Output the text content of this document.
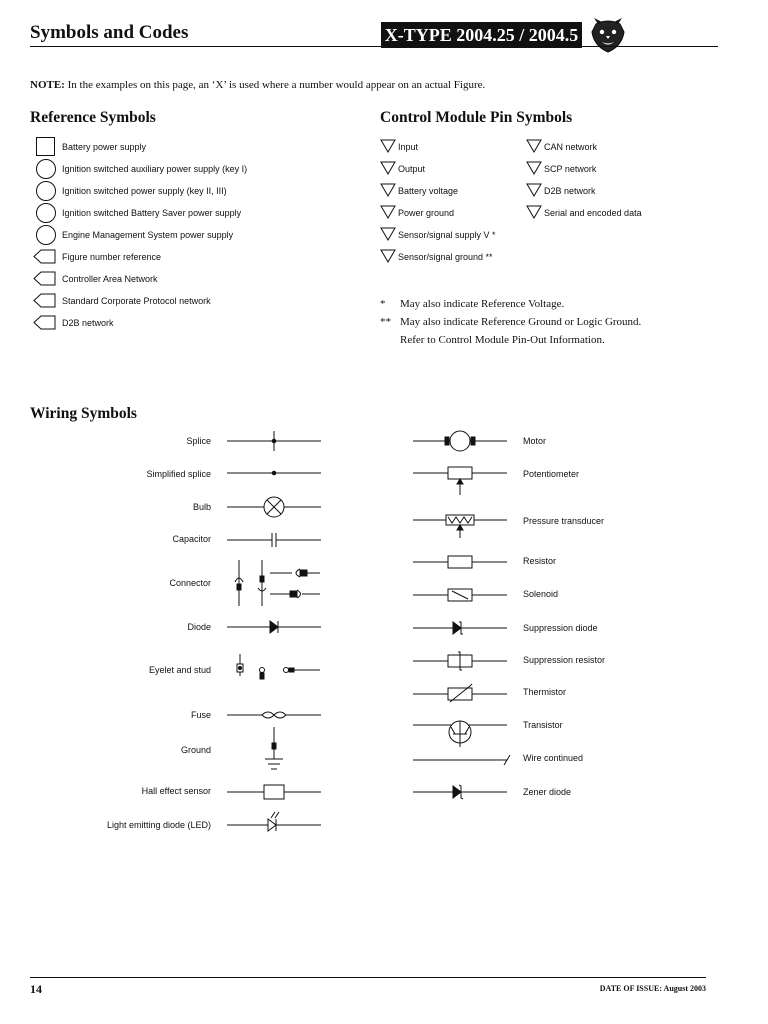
Symbols and Codes	X-TYPE 2004.25 / 2004.5
NOTE: In the examples on this page, an ‘X’ is used where a number would appear on an actual Figure.
Reference Symbols
Battery power supply
Ignition switched auxiliary power supply (key I)
Ignition switched power supply (key II, III)
Ignition switched Battery Saver power supply
Engine Management System power supply
Figure number reference
Controller Area Network
Standard Corporate Protocol network
D2B network
Control Module Pin Symbols
Input
Output
Battery voltage
Power ground
Sensor/signal supply V *
Sensor/signal ground **
CAN network
SCP network
D2B network
Serial and encoded data
* May also indicate Reference Voltage.
** May also indicate Reference Ground or Logic Ground.
Refer to Control Module Pin-Out Information.
Wiring Symbols
Splice
Simplified splice
Bulb
Capacitor
Connector
Diode
Eyelet and stud
Fuse
Ground
Hall effect sensor
Light emitting diode (LED)
Motor
Potentiometer
Pressure transducer
Resistor
Solenoid
Suppression diode
Suppression resistor
Thermistor
Transistor
Wire continued
Zener diode
14	DATE OF ISSUE: August 2003
